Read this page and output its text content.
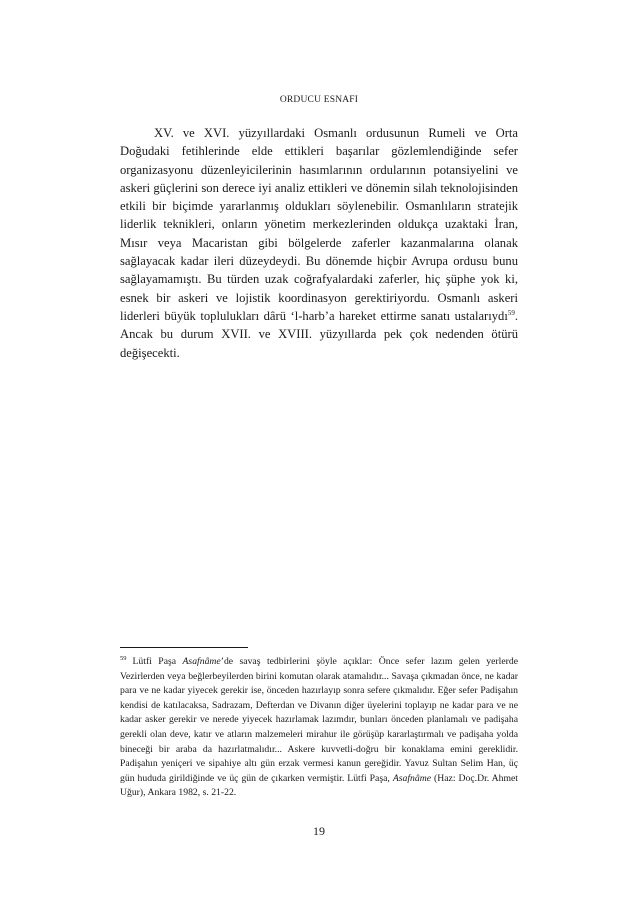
ORDUCU ESNAFI

XV. ve XVI. yüzyıllardaki Osmanlı ordusunun Rumeli ve Orta Doğudaki fetihlerinde elde ettikleri başarılar gözlemlendiğinde sefer organizasyonu düzenleyicilerinin hasımlarının ordularının potansiyelini ve askeri güçlerini son derece iyi analiz ettikleri ve dönemin silah teknolojisinden etkili bir biçimde yararlanmış oldukları söylenebilir. Osmanlıların stratejik liderlik teknikleri, onların yönetim merkezlerinden oldukça uzaktaki İran, Mısır veya Macaristan gibi bölgelerde zaferler kazanmalarına olanak sağlayacak kadar ileri düzeydeydi. Bu dönemde hiçbir Avrupa ordusu bunu sağlayamamıştı. Bu türden uzak coğrafyalardaki zaferler, hiç şüphe yok ki, esnek bir askeri ve lojistik koordinasyon gerektiriyordu. Osmanlı askeri liderleri büyük toplulukları dârü ‘l-harb’a hareket ettirme sanatı ustalarıydı$^{59}$. Ancak bu durum XVII. ve XVIII. yüzyıllarda pek çok nedenden ötürü değişecekti.

$^{59}$ Lütfi Paşa Asafnâme’de savaş tedbirlerini şöyle açıklar: Önce sefer lazım gelen yerlerde Vezirlerden veya beğlerbeyilerden birini komutan olarak atamalıdır... Savaşa çıkmadan önce, ne kadar para ve ne kadar yiyecek gerekir ise, önceden hazırlayıp sonra sefere çıkmalıdır. Eğer sefer Padişahın kendisi de katılacaksa, Sadrazam, Defterdan ve Divanın diğer üyelerini toplayıp ne kadar para ve ne kadar asker gerekir ve nerede yiyecek hazırlamak lazımdır, bunları önceden planlamalı ve padişaha gerekli olan deve, katır ve atların malzemeleri mirahur ile görüşüp kararlaştırmalı ve padişaha yolda bineceği bir araba da hazırlatmalıdır... Askere kuvvetli-doğru bir konaklama emini gereklidir. Padişahın yeniçeri ve sipahiye altı gün erzak vermesi kanun gereğidir. Yavuz Sultan Selim Han, üç gün hududa girildiğinde ve üç gün de çıkarken vermiştir. Lütfi Paşa, Asafnâme (Haz: Doç.Dr. Ahmet Uğur), Ankara 1982, s. 21-22.

19
